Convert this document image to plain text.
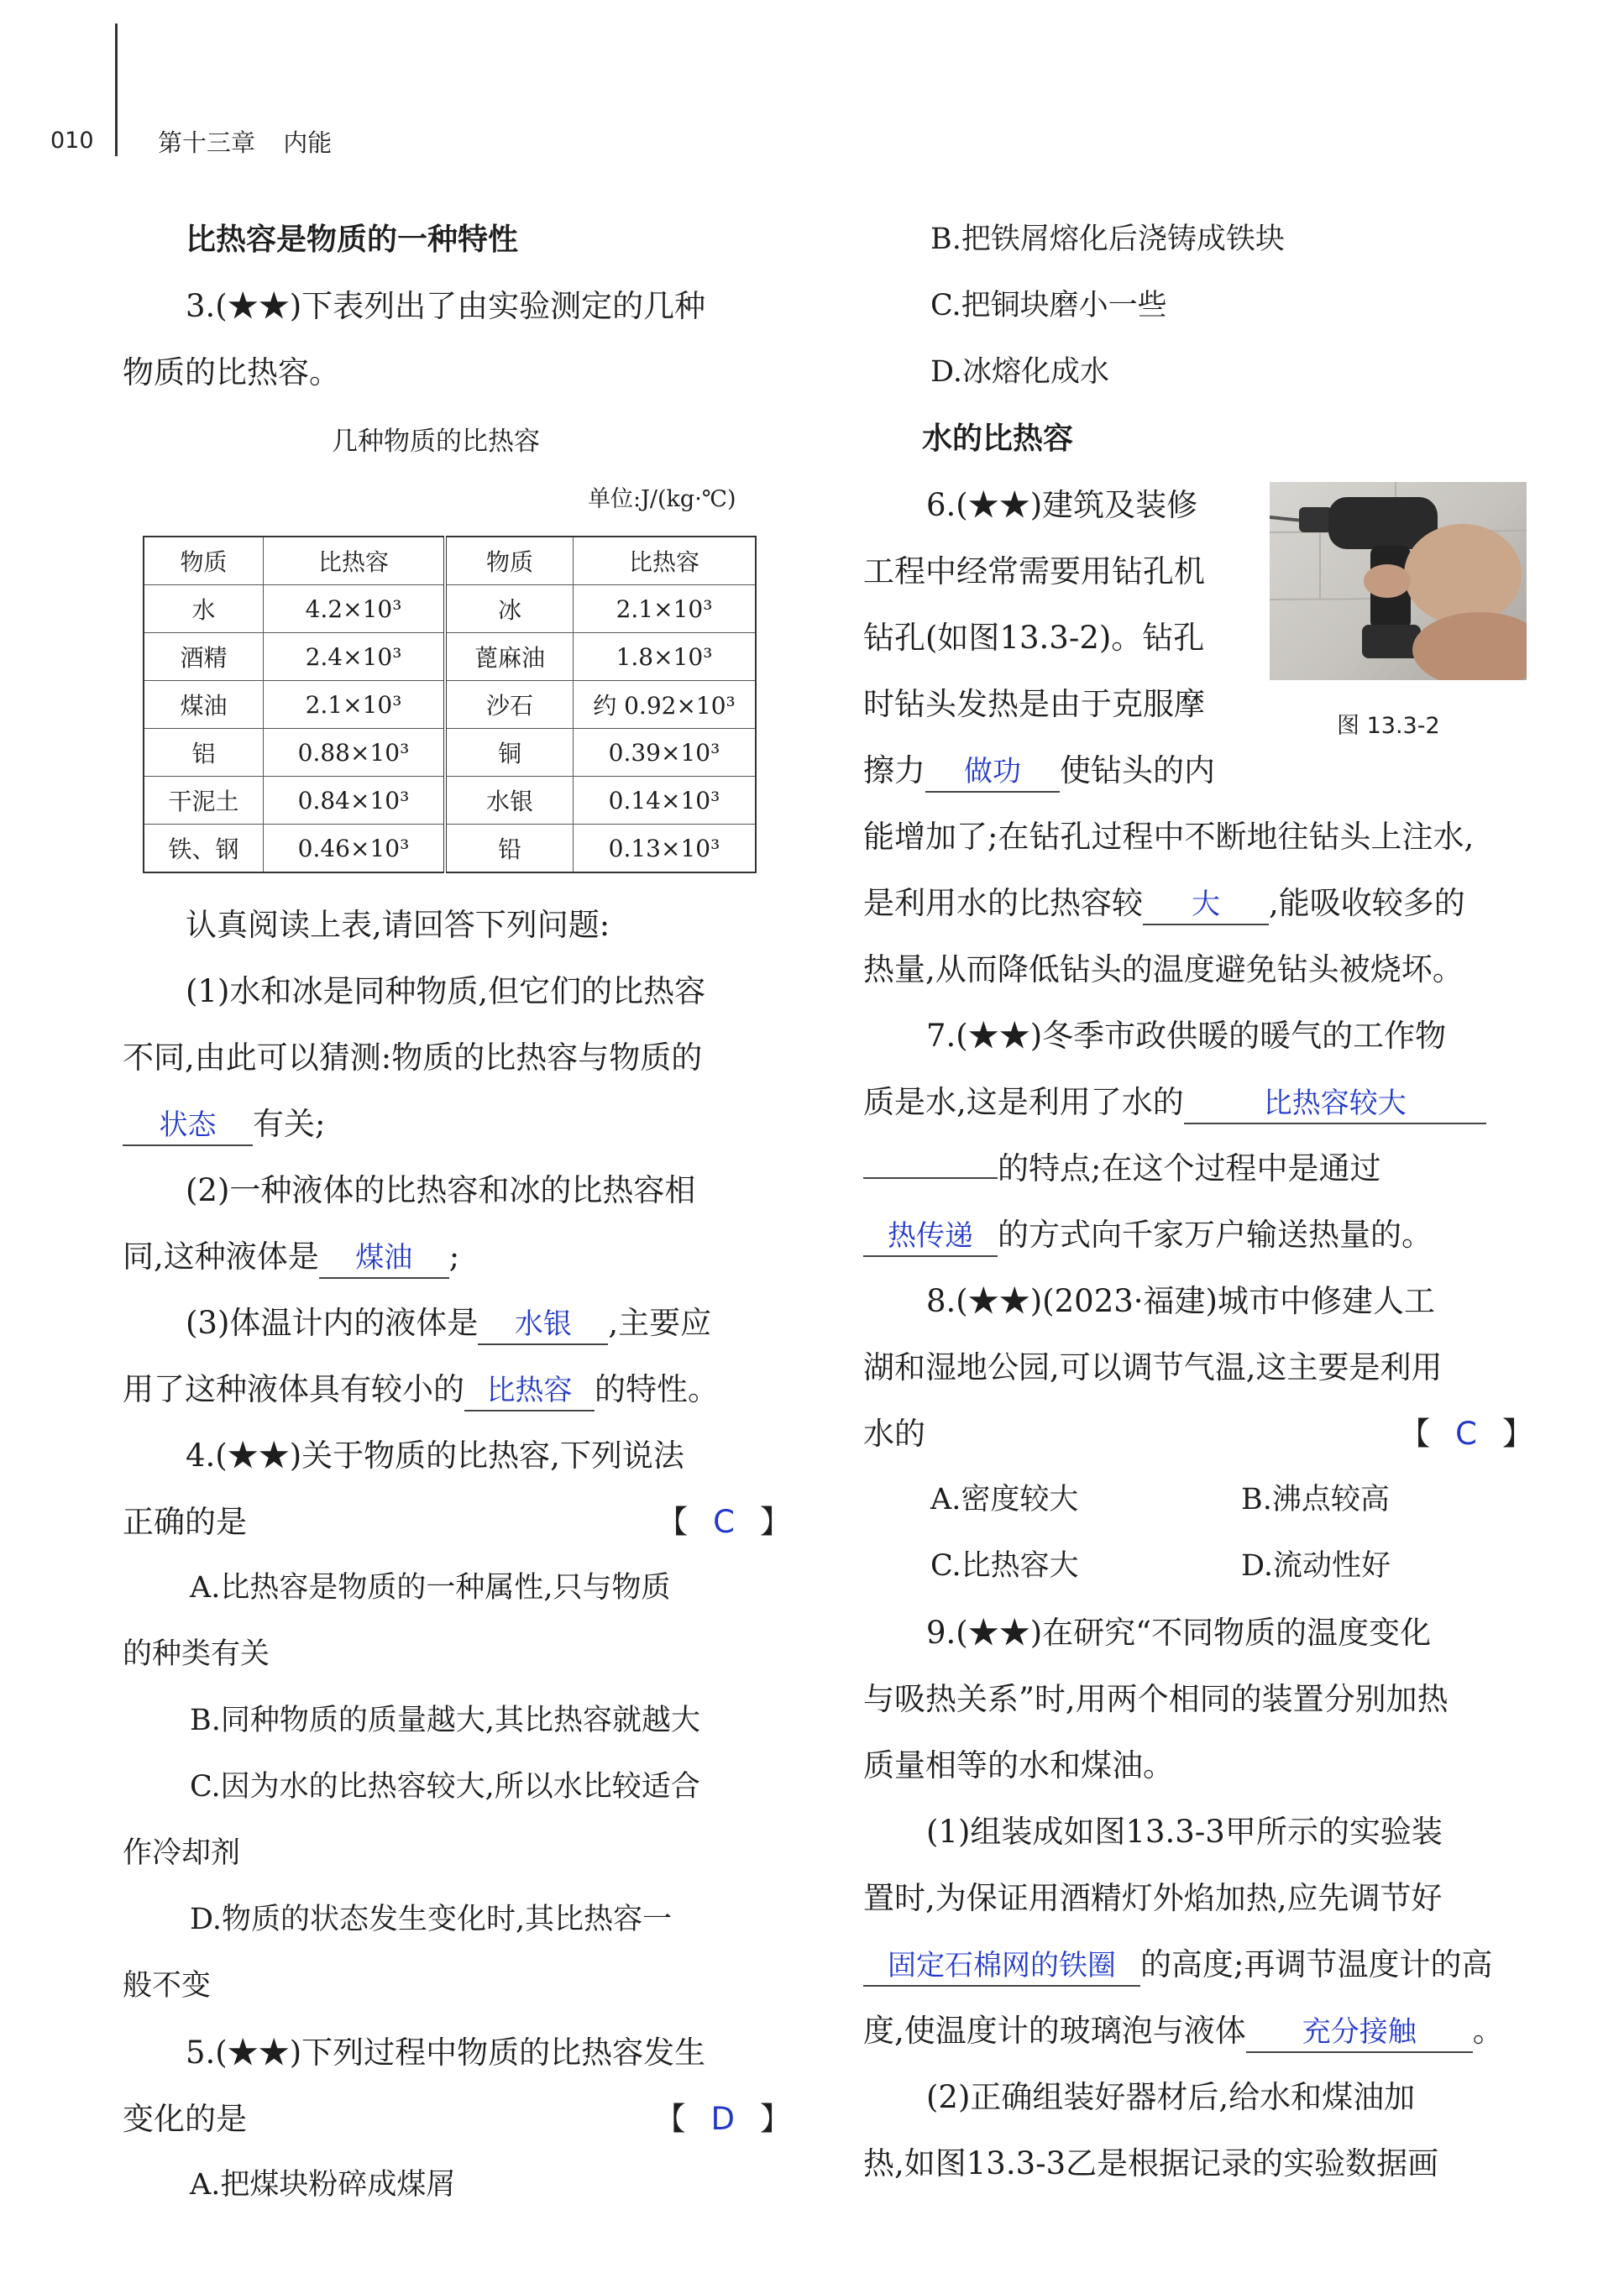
010	第十三章 内能

比热容是物质的一种特性

3.(★★)下表列出了由实验测定的几种

物质的比热容。

几种物质的比热容
单位:J/(kg·℃)
物质	比热容	物质	比热容
水	4.2×10³	冰	2.1×10³
酒精	2.4×10³	蓖麻油	1.8×10³
煤油	2.1×10³	沙石	约 0.92×10³
铝	0.88×10³	铜	0.39×10³
干泥土	0.84×10³	水银	0.14×10³
铁、钢	0.46×10³	铅	0.13×10³

认真阅读上表,请回答下列问题:

(1)水和冰是同种物质,但它们的比热容

不同,由此可以猜测:物质的比热容与物质的

状态 有关;

(2)一种液体的比热容和冰的比热容相

同,这种液体是 煤油 ;

(3)体温计内的液体是 水银 ,主要应

用了这种液体具有较小的 比热容 的特性。

4.(★★)关于物质的比热容,下列说法

正确的是	【 C 】

A.比热容是物质的一种属性,只与物质

的种类有关

B.同种物质的质量越大,其比热容就越大

C.因为水的比热容较大,所以水比较适合

作冷却剂

D.物质的状态发生变化时,其比热容一

般不变

5.(★★)下列过程中物质的比热容发生

变化的是	【 D 】

A.把煤块粉碎成煤屑

B.把铁屑熔化后浇铸成铁块

C.把铜块磨小一些

D.冰熔化成水

水的比热容

6.(★★)建筑及装修

工程中经常需要用钻孔机

钻孔(如图13.3-2)。钻孔

时钻头发热是由于克服摩

擦力 做功 使钻头的内

能增加了;在钻孔过程中不断地往钻头上注水,

是利用水的比热容较 大 ,能吸收较多的

热量,从而降低钻头的温度避免钻头被烧坏。

7.(★★)冬季市政供暖的暖气的工作物

质是水,这是利用了水的	比热容较大

的特点;在这个过程中是通过

热传递 的方式向千家万户输送热量的。

8.(★★)(2023·福建)城市中修建人工

湖和湿地公园,可以调节气温,这主要是利用

水的	【 C 】

A.密度较大	B.沸点较高

C.比热容大	D.流动性好

9.(★★)在研究“不同物质的温度变化

与吸热关系”时,用两个相同的装置分别加热

质量相等的水和煤油。

(1)组装成如图13.3-3甲所示的实验装

置时,为保证用酒精灯外焰加热,应先调节好

固定石棉网的铁圈 的高度;再调节温度计的高

度,使温度计的玻璃泡与液体 充分接触 。

(2)正确组装好器材后,给水和煤油加

热,如图13.3-3乙是根据记录的实验数据画

图 13.3-2
